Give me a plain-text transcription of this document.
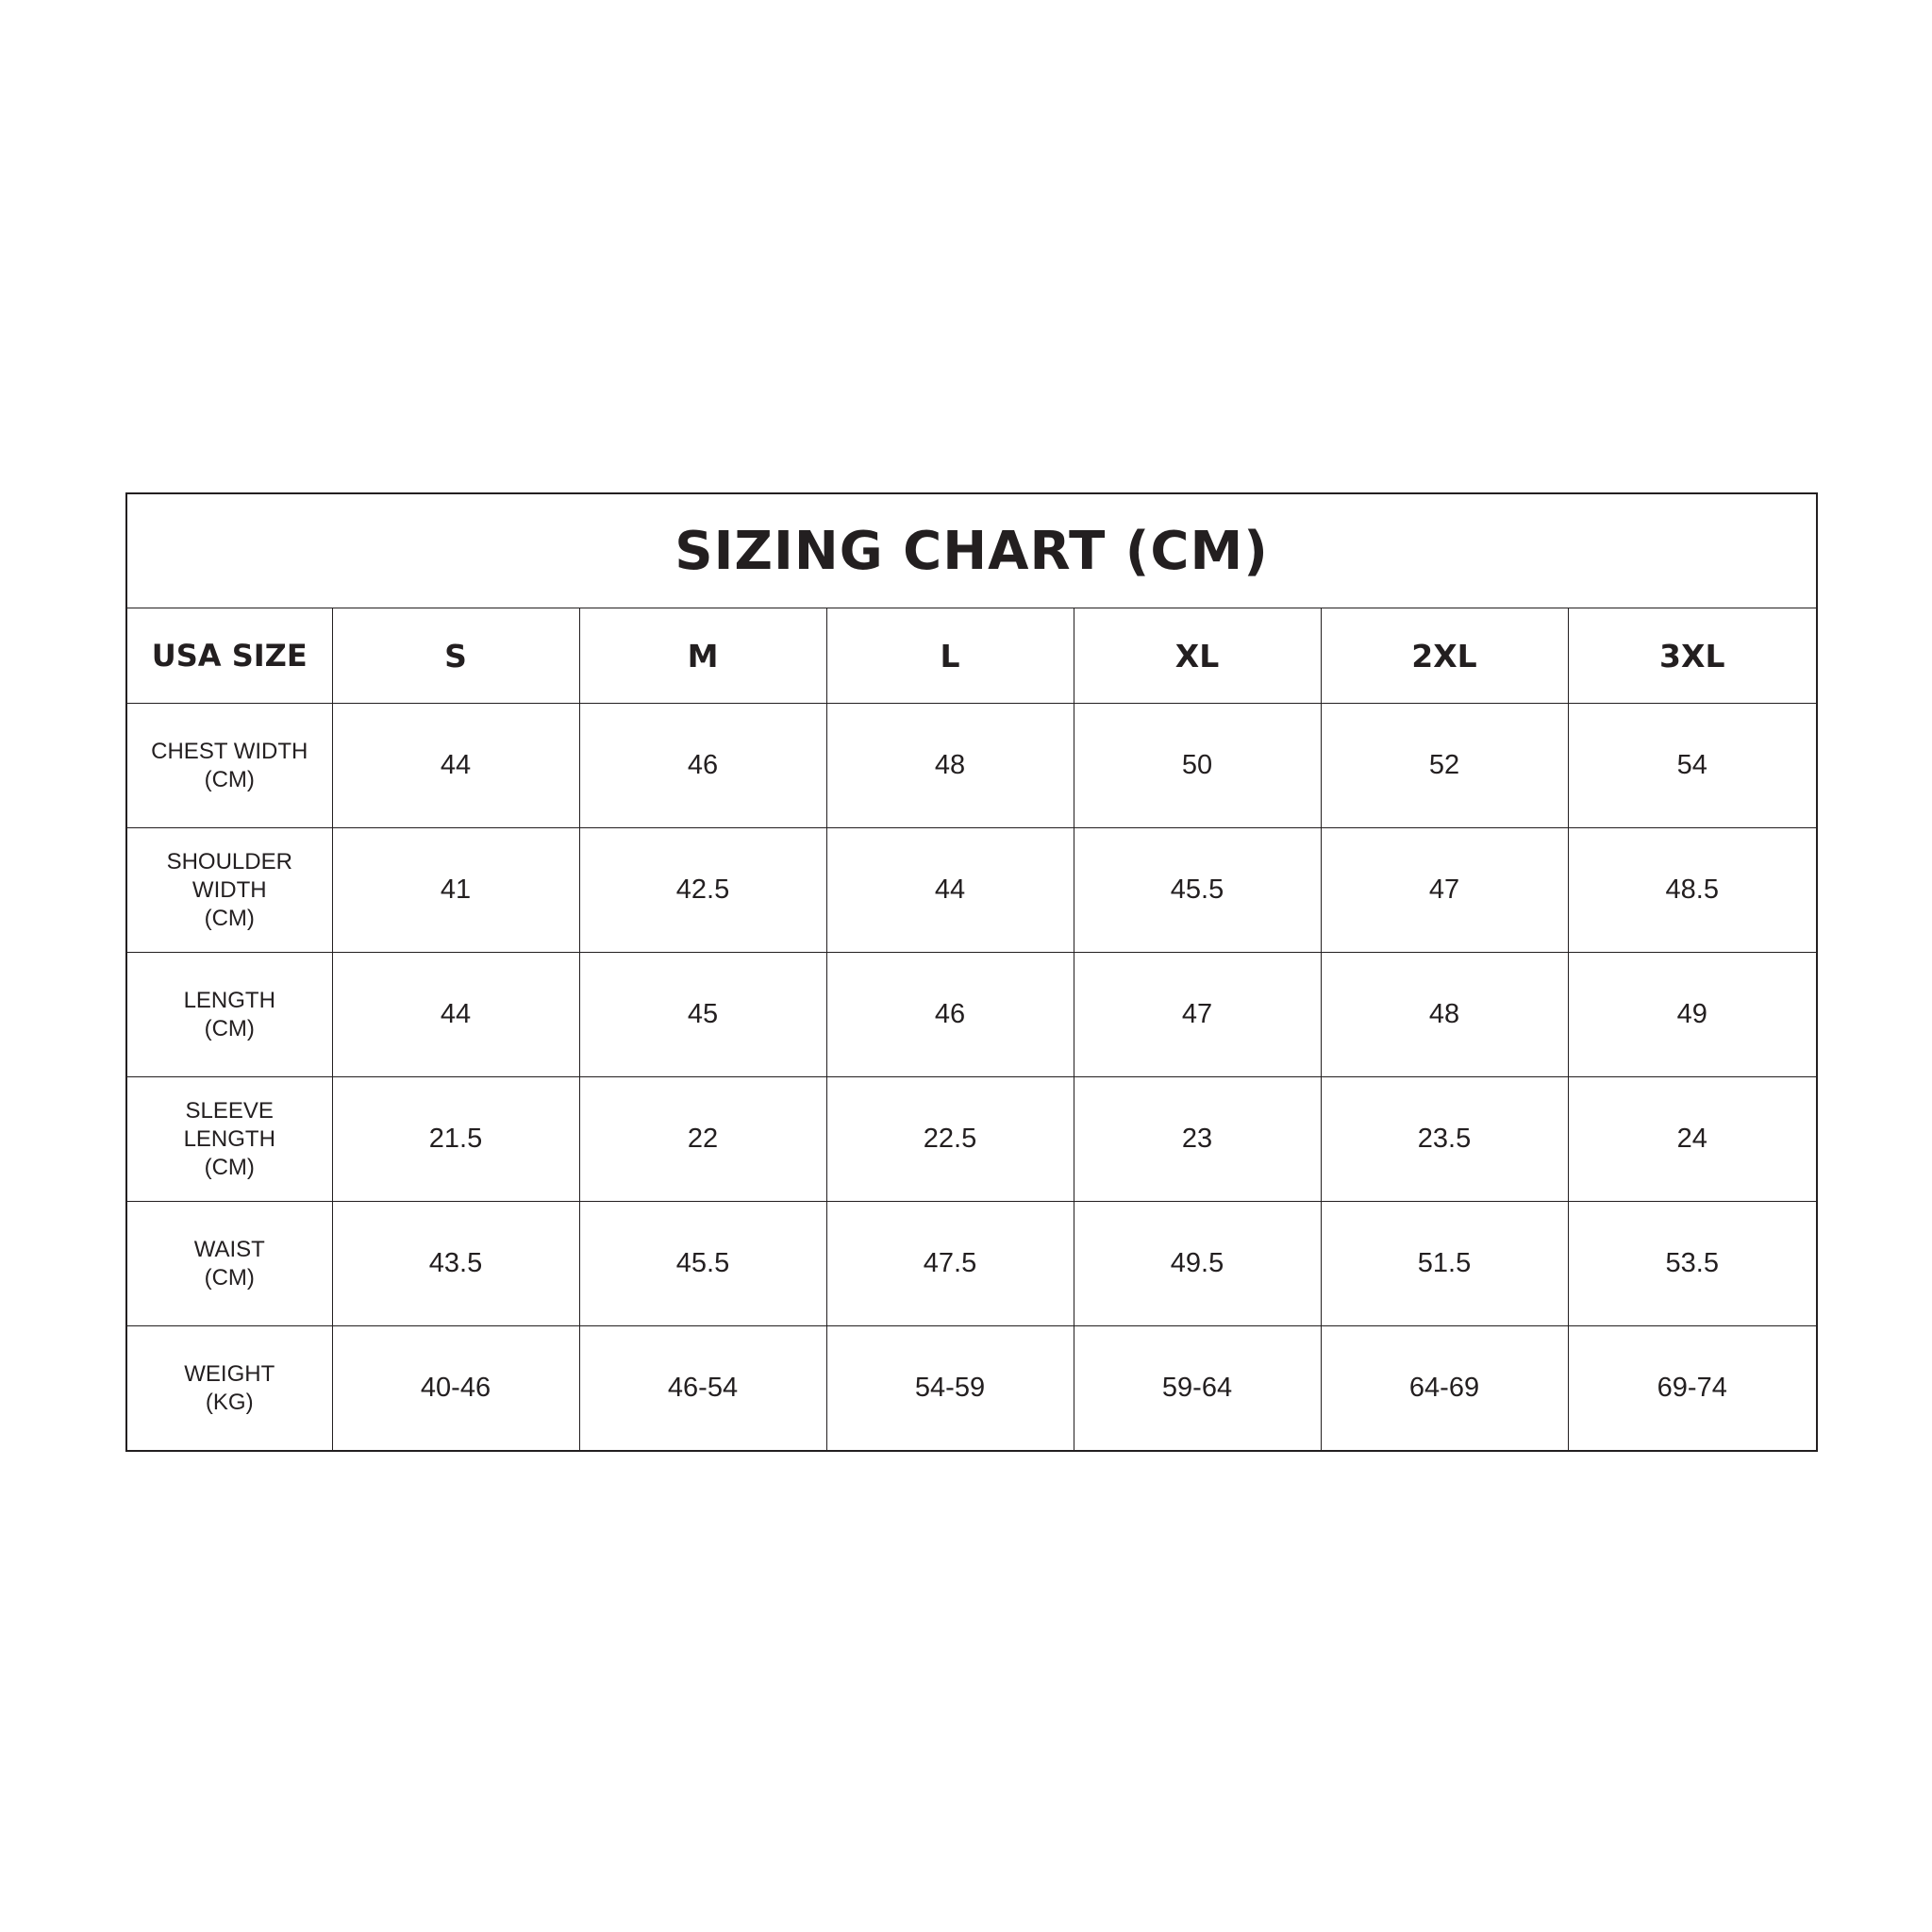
SIZING CHART (CM)						
USA SIZE	S	M	L	XL	2XL	3XL

CHEST WIDTH
(CM)	44	46	48	50	52	54

SHOULDER
WIDTH
(CM)	41	42.5	44	45.5	47	48.5

LENGTH
(CM)	44	45	46	47	48	49

SLEEVE
LENGTH
(CM)	21.5	22	22.5	23	23.5	24

WAIST
(CM)	43.5	45.5	47.5	49.5	51.5	53.5

WEIGHT
(KG)	40-46	46-54	54-59	59-64	64-69	69-74
